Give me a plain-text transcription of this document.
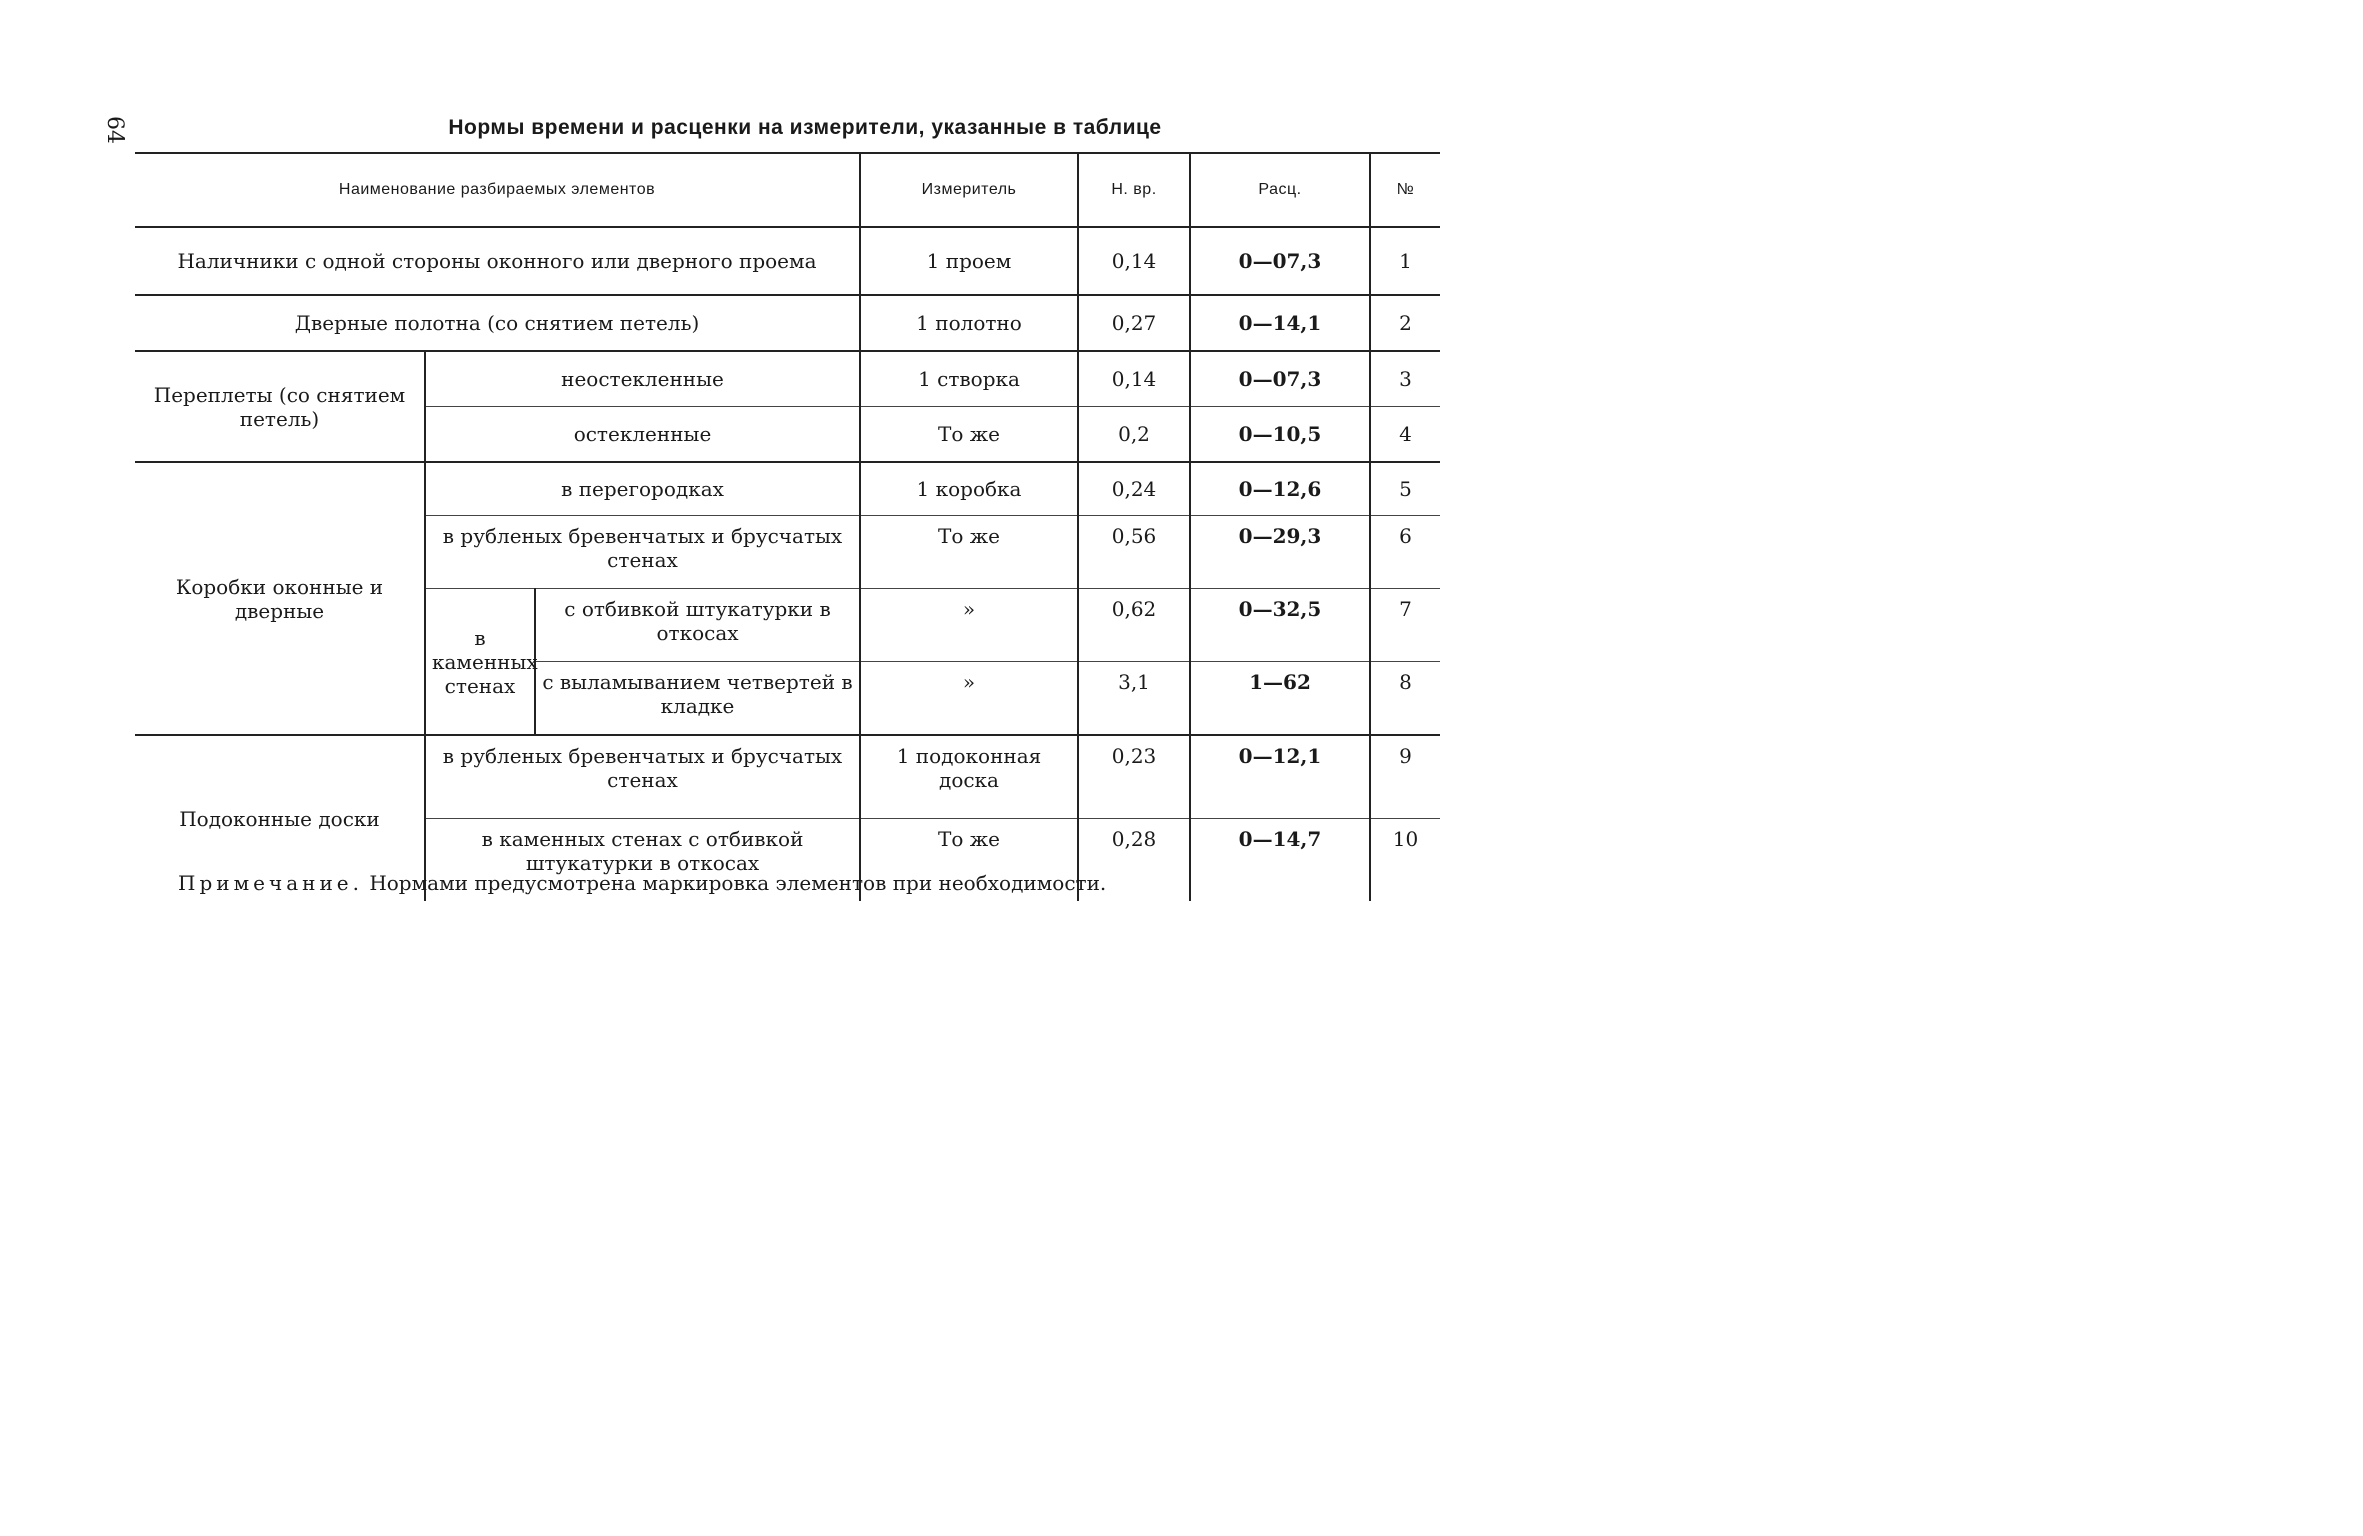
64	Нормы времени и расценки на измерители, указанные в таблице
Наименование разбираемых элементов			Измеритель	Н. вр.	Расц.	№
Наличники с одной стороны оконного или дверного проема			1 проем	0,14	0—07,3	1
Дверные полотна (со снятием петель)			1 полотно	0,27	0—14,1	2
Переплеты (со снятием петель)	неостекленные		1 створка	0,14	0—07,3	3
	остекленные		То же	0,2	0—10,5	4
Коробки оконные и дверные	в перегородках		1 коробка	0,24	0—12,6	5
	в рубленых бревенчатых и брусчатых стенах		То же	0,56	0—29,3	6
	в каменных стенах	с отбивкой штукатурки в откосах	»	0,62	0—32,5	7
		с выламыванием четвертей в кладке	»	3,1	1—62	8
Подоконные доски	в рубленых бревенчатых и брусчатых стенах		1 подоконная доска	0,23	0—12,1	9
	в каменных стенах с отбивкой штукатурки в откосах		То же	0,28	0—14,7	10
Примечание. Нормами предусмотрена маркировка элементов при необходимости.
